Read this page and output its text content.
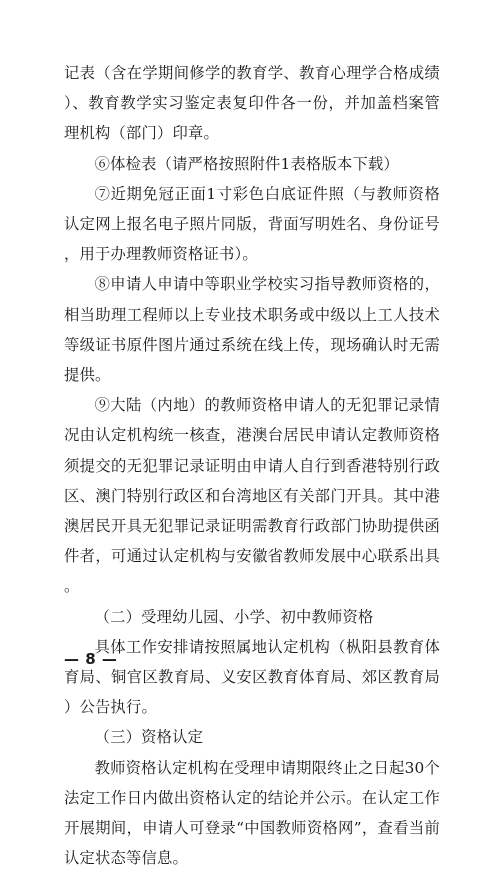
记表（含在学期间修学的教育学、教育心理学合格成绩）、教育教学实习鉴定表复印件各一份，并加盖档案管理机构（部门）印章。

⑥体检表（请严格按照附件1表格版本下载）

⑦近期免冠正面1寸彩色白底证件照（与教师资格认定网上报名电子照片同版，背面写明姓名、身份证号，用于办理教师资格证书）。

⑧申请人申请中等职业学校实习指导教师资格的，相当助理工程师以上专业技术职务或中级以上工人技术等级证书原件图片通过系统在线上传，现场确认时无需提供。

⑨大陆（内地）的教师资格申请人的无犯罪记录情况由认定机构统一核查，港澳台居民申请认定教师资格须提交的无犯罪记录证明由申请人自行到香港特别行政区、澳门特别行政区和台湾地区有关部门开具。其中港澳居民开具无犯罪记录证明需教育行政部门协助提供函件者，可通过认定机构与安徽省教师发展中心联系出具。

（二）受理幼儿园、小学、初中教师资格

具体工作安排请按照属地认定机构（枞阳县教育体育局、铜官区教育局、义安区教育体育局、郊区教育局）公告执行。

（三）资格认定

教师资格认定机构在受理申请期限终止之日起30个法定工作日内做出资格认定的结论并公示。在认定工作开展期间，申请人可登录“中国教师资格网”，查看当前认定状态等信息。

— 8 —
